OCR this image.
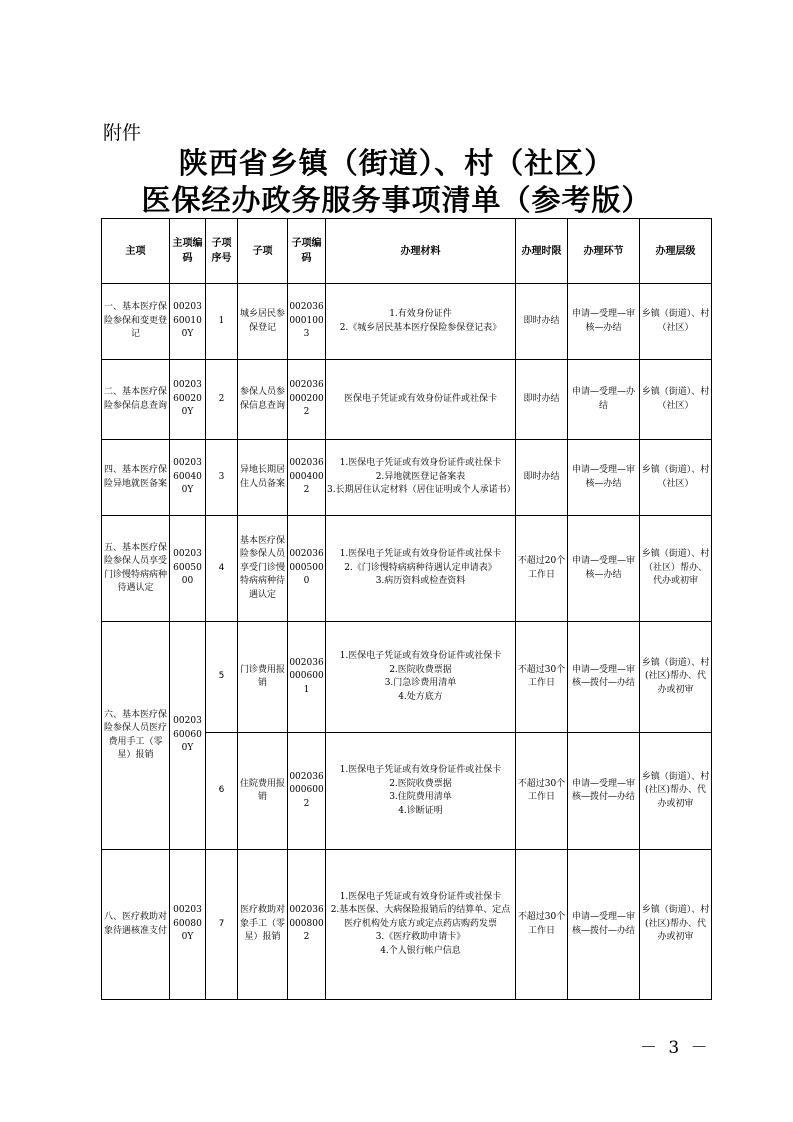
附件
陕西省乡镇（街道）、村（社区）
医保经办政务服务事项清单（参考版）
主项	主项编码	子项序号	子项	子项编码	办理材料	办理时限	办理环节	办理层级
一、基本医疗保险参保和变更登记	00203600100Y	1	城乡居民参保登记	0020360001003	1.有效身份证件
2.《城乡居民基本医疗保险参保登记表》	即时办结	申请—受理—审核—办结	乡镇（街道）、村（社区）
二、基本医疗保险参保信息查询	00203600200Y	2	参保人员参保信息查询	0020360002002	医保电子凭证或有效身份证件或社保卡	即时办结	申请—受理—办结	乡镇（街道）、村（社区）
四、基本医疗保险异地就医备案	00203600400Y	3	异地长期居住人员备案	0020360004002	1.医保电子凭证或有效身份证件或社保卡
2.异地就医登记备案表
3.长期居住认定材料（居住证明或个人承诺书）	即时办结	申请—受理—审核—办结	乡镇（街道）、村（社区）
五、基本医疗保险参保人员享受门诊慢特病病种待遇认定	002036005000	4	基本医疗保险参保人员享受门诊慢特病病种待遇认定	0020360005000	1.医保电子凭证或有效身份证件或社保卡
2.《门诊慢特病病种待遇认定申请表》
3.病历资料或检查资料	不超过20个工作日	申请—受理—审核—办结	乡镇（街道）、村（社区）帮办、代办或初审
六、基本医疗保险参保人员医疗费用手工（零星）报销	00203600600Y	5	门诊费用报销	0020360006001	1.医保电子凭证或有效身份证件或社保卡
2.医院收费票据
3.门急诊费用清单
4.处方底方	不超过30个工作日	申请—受理—审核—拨付—办结	乡镇（街道）、村(社区)帮办、代办或初审
		6	住院费用报销	0020360006002	1.医保电子凭证或有效身份证件或社保卡
2.医院收费票据
3.住院费用清单
4.诊断证明	不超过30个工作日	申请—受理—审核—拨付—办结	乡镇（街道）、村(社区)帮办、代办或初审
八、医疗救助对象待遇核准支付	00203600800Y	7	医疗救助对象手工（零星）报销	0020360008002	1.医保电子凭证或有效身份证件或社保卡
2.基本医保、大病保险报销后的结算单、定点医疗机构处方底方或定点药店购药发票
3.《医疗救助申请卡》
4.个人银行帐户信息	不超过30个工作日	申请—受理—审核—拨付—办结	乡镇（街道）、村(社区)帮办、代办或初审
－ 3 －
